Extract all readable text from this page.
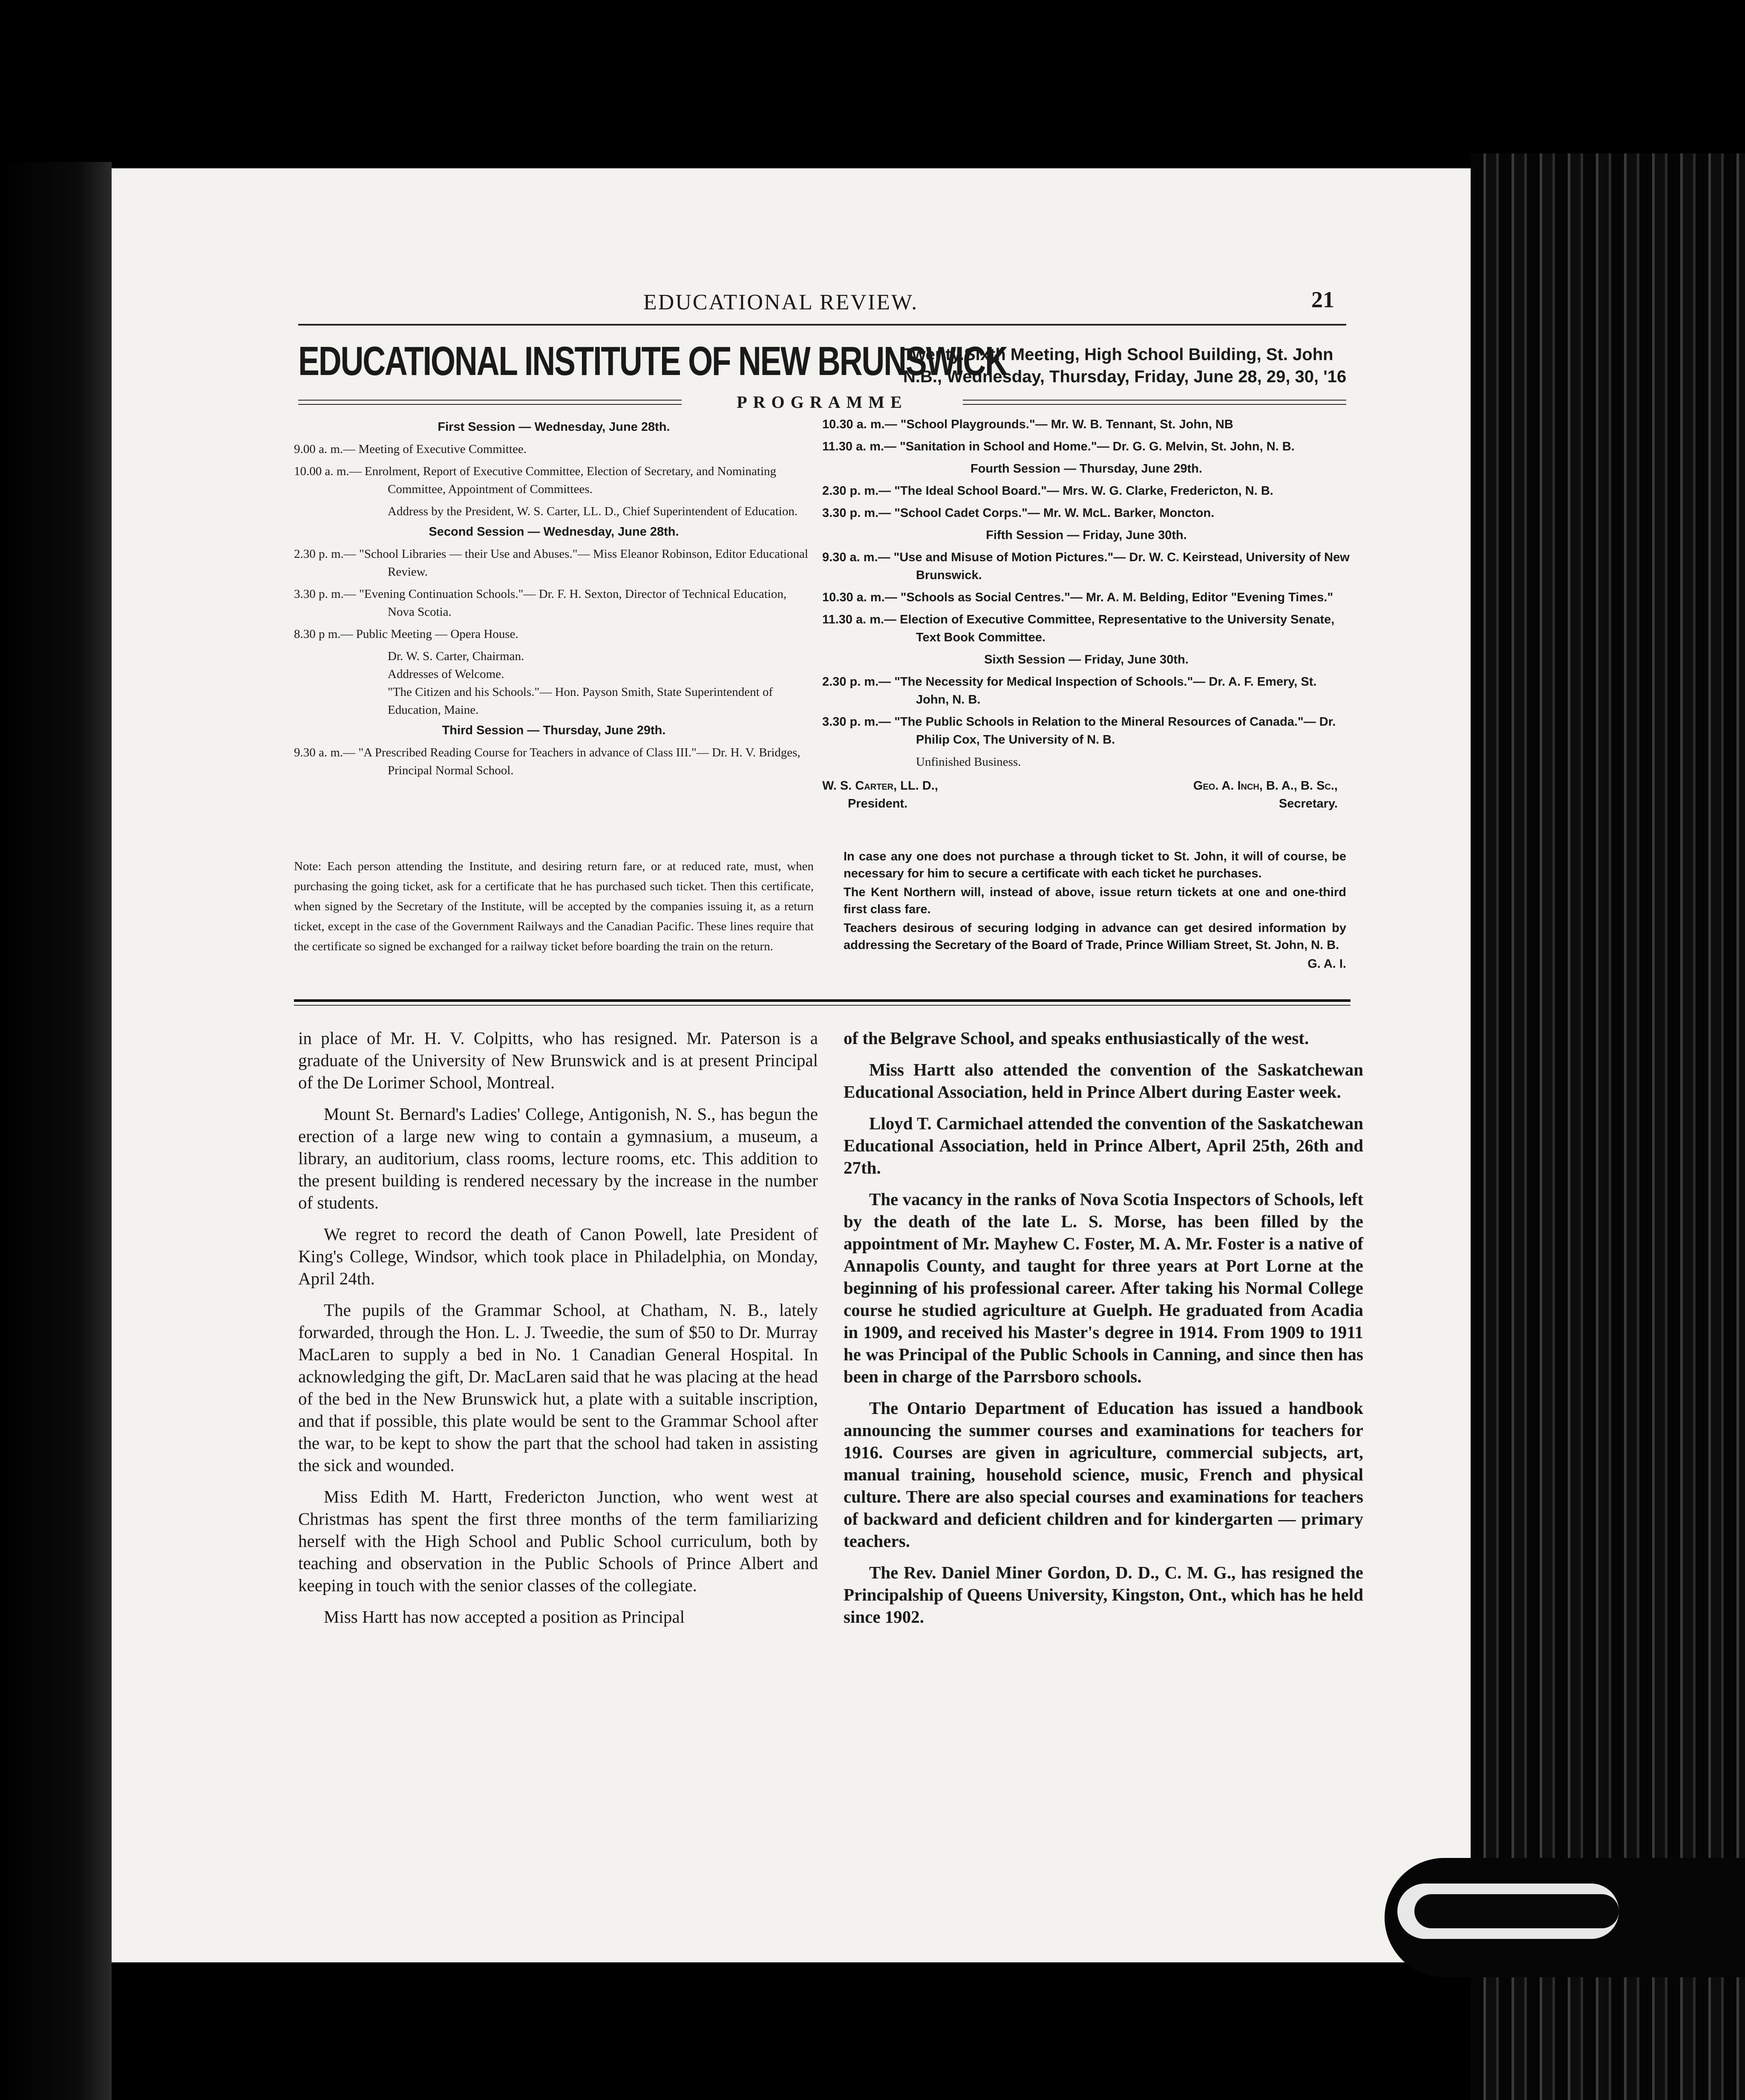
EDUCATIONAL REVIEW.	21
EDUCATIONAL INSTITUTE OF NEW BRUNSWICK
Twenty.Sixth Meeting, High School Building, St. John N.B., Wednesday, Thursday, Friday, June 28, 29, 30, '16
PROGRAMME
First Session — Wednesday, June 28th.
9.00 a. m.— Meeting of Executive Committee.
10.00 a. m.— Enrolment, Report of Executive Committee, Election of Secretary, and Nominating Committee, Appointment of Committees.
Address by the President, W. S. Carter, LL. D., Chief Superintendent of Education.
Second Session — Wednesday, June 28th.
2.30 p. m.— "School Libraries — their Use and Abuses."— Miss Eleanor Robinson, Editor Educational Review.
3.30 p. m.— "Evening Continuation Schools."— Dr. F. H. Sexton, Director of Technical Education, Nova Scotia.
8.30 p m.— Public Meeting — Opera House.
Dr. W. S. Carter, Chairman.
Addresses of Welcome.
"The Citizen and his Schools."— Hon. Payson Smith, State Superintendent of Education, Maine.
Third Session — Thursday, June 29th.
9.30 a. m.— "A Prescribed Reading Course for Teachers in advance of Class III."— Dr. H. V. Bridges, Principal Normal School.
10.30 a. m.— "School Playgrounds."— Mr. W. B. Tennant, St. John, NB
11.30 a. m.— "Sanitation in School and Home."— Dr. G. G. Melvin, St. John, N. B.
Fourth Session — Thursday, June 29th.
2.30 p. m.— "The Ideal School Board."— Mrs. W. G. Clarke, Fredericton, N. B.
3.30 p. m.— "School Cadet Corps."— Mr. W. McL. Barker, Moncton.
Fifth Session — Friday, June 30th.
9.30 a. m.— "Use and Misuse of Motion Pictures."— Dr. W. C. Keirstead, University of New Brunswick.
10.30 a. m.— "Schools as Social Centres."— Mr. A. M. Belding, Editor "Evening Times."
11.30 a. m.— Election of Executive Committee, Representative to the University Senate, Text Book Committee.
Sixth Session — Friday, June 30th.
2.30 p. m.— "The Necessity for Medical Inspection of Schools."— Dr. A. F. Emery, St. John, N. B.
3.30 p. m.— "The Public Schools in Relation to the Mineral Resources of Canada."— Dr. Philip Cox, The University of N. B.
Unfinished Business.
W. S. Carter, LL. D.,
President.
Geo. A. Inch, B. A., B. Sc.,
Secretary.
Note: Each person attending the Institute, and desiring return fare, or at reduced rate, must, when purchasing the going ticket, ask for a certificate that he has purchased such ticket. Then this certificate, when signed by the Secretary of the Institute, will be accepted by the companies issuing it, as a return ticket, except in the case of the Government Railways and the Canadian Pacific. These lines require that the certificate so signed be exchanged for a railway ticket before boarding the train on the return.

In case any one does not purchase a through ticket to St. John, it will of course, be necessary for him to secure a certificate with each ticket he purchases.

The Kent Northern will, instead of above, issue return tickets at one and one-third first class fare.

Teachers desirous of securing lodging in advance can get desired information by addressing the Secretary of the Board of Trade, Prince William Street, St. John, N. B.

G. A. I.

in place of Mr. H. V. Colpitts, who has resigned. Mr. Paterson is a graduate of the University of New Brunswick and is at present Principal of the De Lorimer School, Montreal.

Mount St. Bernard's Ladies' College, Antigonish, N. S., has begun the erection of a large new wing to contain a gymnasium, a museum, a library, an auditorium, class rooms, lecture rooms, etc. This addition to the present building is rendered necessary by the increase in the number of students.

We regret to record the death of Canon Powell, late President of King's College, Windsor, which took place in Philadelphia, on Monday, April 24th.

The pupils of the Grammar School, at Chatham, N. B., lately forwarded, through the Hon. L. J. Tweedie, the sum of $50 to Dr. Murray MacLaren to supply a bed in No. 1 Canadian General Hospital. In acknowledging the gift, Dr. MacLaren said that he was placing at the head of the bed in the New Brunswick hut, a plate with a suitable inscription, and that if possible, this plate would be sent to the Grammar School after the war, to be kept to show the part that the school had taken in assisting the sick and wounded.

Miss Edith M. Hartt, Fredericton Junction, who went west at Christmas has spent the first three months of the term familiarizing herself with the High School and Public School curriculum, both by teaching and observation in the Public Schools of Prince Albert and keeping in touch with the senior classes of the collegiate.

Miss Hartt has now accepted a position as Principal

of the Belgrave School, and speaks enthusiastically of the west.

Miss Hartt also attended the convention of the Saskatchewan Educational Association, held in Prince Albert during Easter week.

Lloyd T. Carmichael attended the convention of the Saskatchewan Educational Association, held in Prince Albert, April 25th, 26th and 27th.

The vacancy in the ranks of Nova Scotia Inspectors of Schools, left by the death of the late L. S. Morse, has been filled by the appointment of Mr. Mayhew C. Foster, M. A. Mr. Foster is a native of Annapolis County, and taught for three years at Port Lorne at the beginning of his professional career. After taking his Normal College course he studied agriculture at Guelph. He graduated from Acadia in 1909, and received his Master's degree in 1914. From 1909 to 1911 he was Principal of the Public Schools in Canning, and since then has been in charge of the Parrsboro schools.

The Ontario Department of Education has issued a handbook announcing the summer courses and examinations for teachers for 1916. Courses are given in agriculture, commercial subjects, art, manual training, household science, music, French and physical culture. There are also special courses and examinations for teachers of backward and deficient children and for kindergarten — primary teachers.

The Rev. Daniel Miner Gordon, D. D., C. M. G., has resigned the Principalship of Queens University, Kingston, Ont., which has he held since 1902.
